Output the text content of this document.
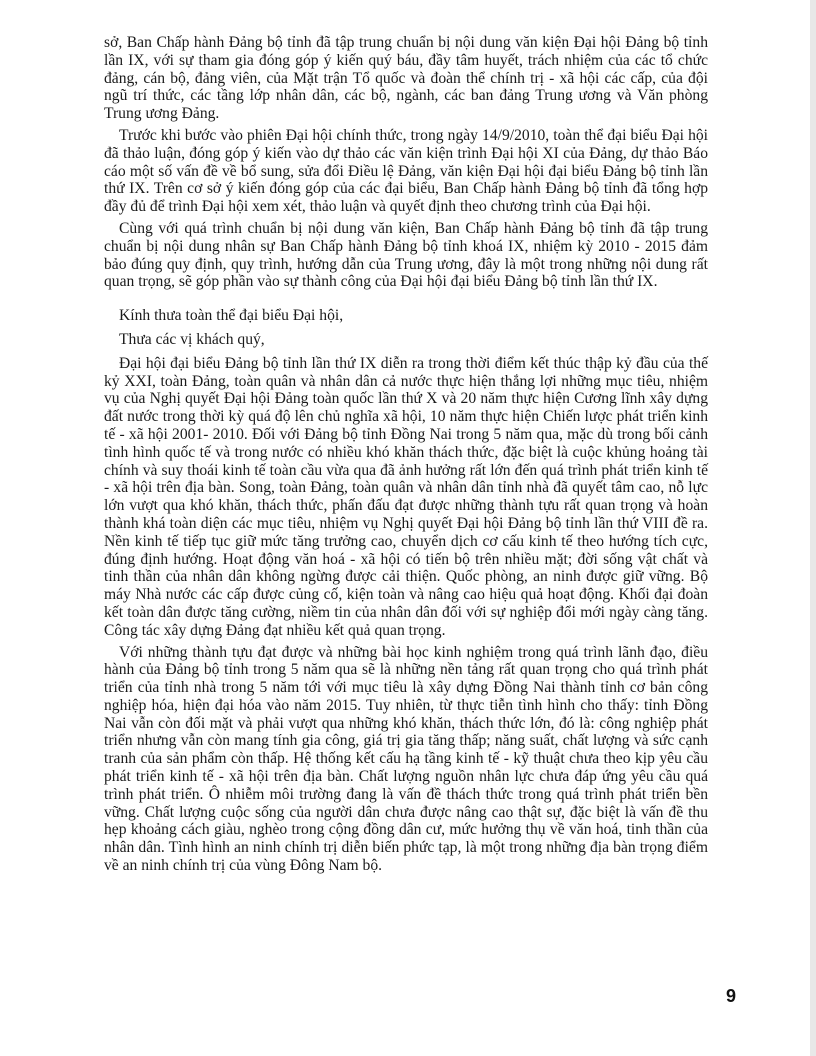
sở, Ban Chấp hành Đảng bộ tỉnh đã tập trung chuẩn bị nội dung văn kiện Đại hội Đảng bộ tỉnh lần IX, với sự tham gia đóng góp ý kiến quý báu, đầy tâm huyết, trách nhiệm của các tổ chức đảng, cán bộ, đảng viên, của Mặt trận Tổ quốc và đoàn thể chính trị - xã hội các cấp, của đội ngũ trí thức, các tầng lớp nhân dân, các bộ, ngành, các ban đảng Trung ương và Văn phòng Trung ương Đảng.

Trước khi bước vào phiên Đại hội chính thức, trong ngày 14/9/2010, toàn thể đại biểu Đại hội đã thảo luận, đóng góp ý kiến vào dự thảo các văn kiện trình Đại hội XI của Đảng, dự thảo Báo cáo một số vấn đề về bổ sung, sửa đổi Điều lệ Đảng, văn kiện Đại hội đại biểu Đảng bộ tỉnh lần thứ IX. Trên cơ sở ý kiến đóng góp của các đại biểu, Ban Chấp hành Đảng bộ tỉnh đã tổng hợp đầy đủ để trình Đại hội xem xét, thảo luận và quyết định theo chương trình của Đại hội.

Cùng với quá trình chuẩn bị nội dung văn kiện, Ban Chấp hành Đảng bộ tỉnh đã tập trung chuẩn bị nội dung nhân sự Ban Chấp hành Đảng bộ tỉnh khoá IX, nhiệm kỳ 2010 - 2015 đảm bảo đúng quy định, quy trình, hướng dẫn của Trung ương, đây là một trong những nội dung rất quan trọng, sẽ góp phần vào sự thành công của Đại hội đại biểu Đảng bộ tỉnh lần thứ IX.

Kính thưa toàn thể đại biểu Đại hội,

Thưa các vị khách quý,

Đại hội đại biểu Đảng bộ tỉnh lần thứ IX diễn ra trong thời điểm kết thúc thập kỷ đầu của thế kỷ XXI, toàn Đảng, toàn quân và nhân dân cả nước thực hiện thắng lợi những mục tiêu, nhiệm vụ của Nghị quyết Đại hội Đảng toàn quốc lần thứ X và 20 năm thực hiện Cương lĩnh xây dựng đất nước trong thời kỳ quá độ lên chủ nghĩa xã hội, 10 năm thực hiện Chiến lược phát triển kinh tế - xã hội 2001- 2010. Đối với Đảng bộ tỉnh Đồng Nai trong 5 năm qua, mặc dù trong bối cảnh tình hình quốc tế và trong nước có nhiều khó khăn thách thức, đặc biệt là cuộc khủng hoảng tài chính và suy thoái kinh tế toàn cầu vừa qua đã ảnh hưởng rất lớn đến quá trình phát triển kinh tế - xã hội trên địa bàn. Song, toàn Đảng, toàn quân và nhân dân tỉnh nhà đã quyết tâm cao, nỗ lực lớn vượt qua khó khăn, thách thức, phấn đấu đạt được những thành tựu rất quan trọng và hoàn thành khá toàn diện các mục tiêu, nhiệm vụ Nghị quyết Đại hội Đảng bộ tỉnh lần thứ VIII đề ra. Nền kinh tế tiếp tục giữ mức tăng trưởng cao, chuyển dịch cơ cấu kinh tế theo hướng tích cực, đúng định hướng. Hoạt động văn hoá - xã hội có tiến bộ trên nhiều mặt; đời sống vật chất và tinh thần của nhân dân không ngừng được cải thiện. Quốc phòng, an ninh được giữ vững. Bộ máy Nhà nước các cấp được củng cố, kiện toàn và nâng cao hiệu quả hoạt động. Khối đại đoàn kết toàn dân được tăng cường, niềm tin của nhân dân đối với sự nghiệp đổi mới ngày càng tăng. Công tác xây dựng Đảng đạt nhiều kết quả quan trọng.

Với những thành tựu đạt được và những bài học kinh nghiệm trong quá trình lãnh đạo, điều hành của Đảng bộ tỉnh trong 5 năm qua sẽ là những nền tảng rất quan trọng cho quá trình phát triển của tỉnh nhà trong 5 năm tới với mục tiêu là xây dựng Đồng Nai thành tỉnh cơ bản công nghiệp hóa, hiện đại hóa vào năm 2015. Tuy nhiên, từ thực tiễn tình hình cho thấy: tỉnh Đồng Nai vẫn còn đối mặt và phải vượt qua những khó khăn, thách thức lớn, đó là: công nghiệp phát triển nhưng vẫn còn mang tính gia công, giá trị gia tăng thấp; năng suất, chất lượng và sức cạnh tranh của sản phẩm còn thấp. Hệ thống kết cấu hạ tầng kinh tế - kỹ thuật chưa theo kịp yêu cầu phát triển kinh tế - xã hội trên địa bàn. Chất lượng nguồn nhân lực chưa đáp ứng yêu cầu quá trình phát triển. Ô nhiễm môi trường đang là vấn đề thách thức trong quá trình phát triển bền vững. Chất lượng cuộc sống của người dân chưa được nâng cao thật sự, đặc biệt là vấn đề thu hẹp khoảng cách giàu, nghèo trong cộng đồng dân cư, mức hưởng thụ về văn hoá, tinh thần của nhân dân. Tình hình an ninh chính trị diễn biến phức tạp, là một trong những địa bàn trọng điểm về an ninh chính trị của vùng Đông Nam bộ.

9
